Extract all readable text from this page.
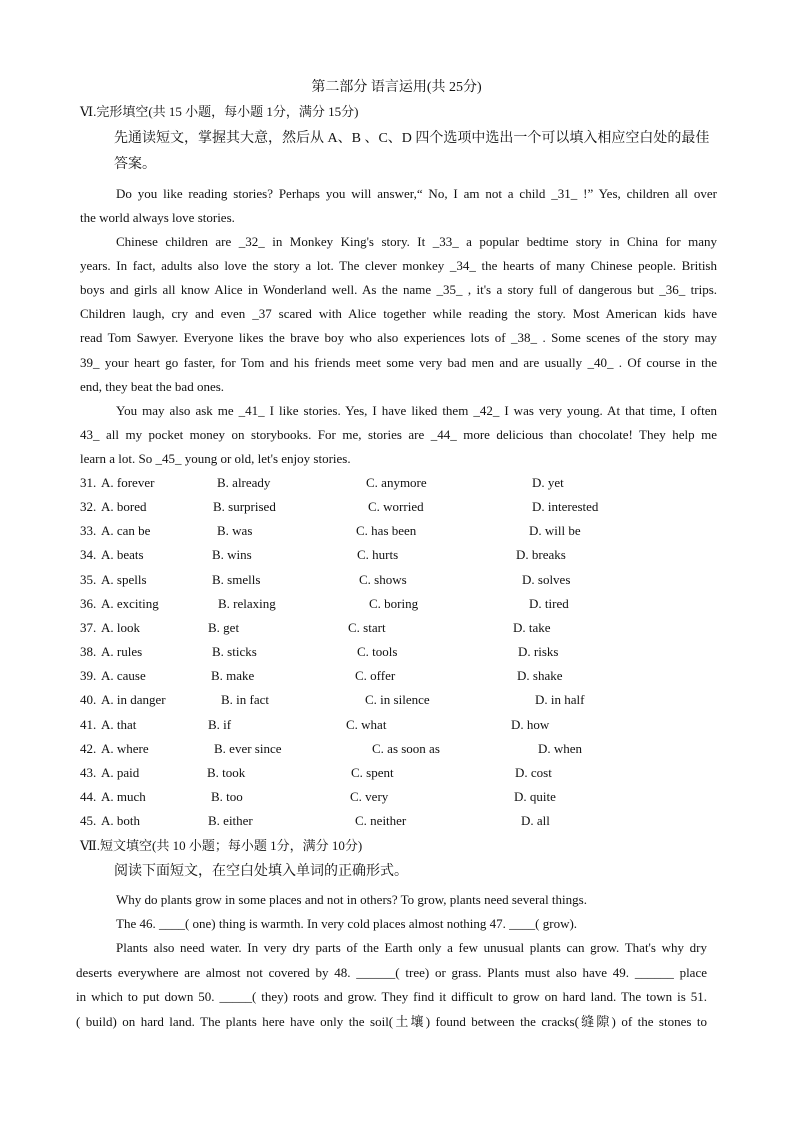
第二部分 语言运用(共 25分)
Ⅵ.完形填空(共 15 小题，每小题 1分，满分 15分)
先通读短文，掌握其大意，然后从 A、B 、C、D 四个选项中选出一个可以填入相应空白处的最佳
答案。
Do you like reading stories? Perhaps you will answer,“ No, I am not a child _31_ !” Yes, children all over
the world always love stories.
Chinese children are _32_ in Monkey King's story. It _33_ a popular bedtime story in China for many
years. In fact, adults also love the story a lot. The clever monkey _34_ the hearts of many Chinese people. British
boys and girls all know Alice in Wonderland well. As the name _35_ , it's a story full of dangerous but _36_ trips.
Children laugh, cry and even _37 scared with Alice together while reading the story. Most American kids have
read Tom Sawyer. Everyone likes the brave boy who also experiences lots of _38_ . Some scenes of the story may
39_ your heart go faster, for Tom and his friends meet some very bad men and are usually _40_ . Of course in the
end, they beat the bad ones.
You may also ask me _41_ I like stories. Yes, I have liked them _42_ I was very young. At that time, I often
43_ all my pocket money on storybooks. For me, stories are _44_ more delicious than chocolate! They help me
learn a lot. So _45_ young or old, let's enjoy stories.
31. A. forever	B. already	C. anymore	D. yet
32. A. bored	B. surprised	C. worried	D. interested
33. A. can be	B. was	C. has been	D. will be
34. A. beats	B. wins	C. hurts	D. breaks
35. A. spells	B. smells	C. shows	D. solves
36. A. exciting	B. relaxing	C. boring	D. tired
37. A. look	B. get	C. start	D. take
38. A. rules	B. sticks	C. tools	D. risks
39. A. cause	B. make	C. offer	D. shake
40. A. in danger	B. in fact	C. in silence	D. in half
41. A. that	B. if	C. what	D. how
42. A. where	B. ever since	C. as soon as	D. when
43. A. paid	B. took	C. spent	D. cost
44. A. much	B. too	C. very	D. quite
45. A. both	B. either	C. neither	D. all
Ⅶ.短文填空(共 10 小题；每小题 1分，满分 10分)
阅读下面短文，在空白处填入单词的正确形式。
Why do plants grow in some places and not in others? To grow, plants need several things.
The 46. ____( one) thing is warmth. In very cold places almost nothing 47. ____( grow).
Plants also need water. In very dry parts of the Earth only a few unusual plants can grow. That's why dry
deserts everywhere are almost not covered by 48. ______( tree) or grass. Plants must also have 49. ______ place
in which to put down 50. _____( they) roots and grow. They find it difficult to grow on hard land. The town is 51.
( build) on hard land. The plants here have only the soil(土壤) found between the cracks(缝隙) of the stones to
